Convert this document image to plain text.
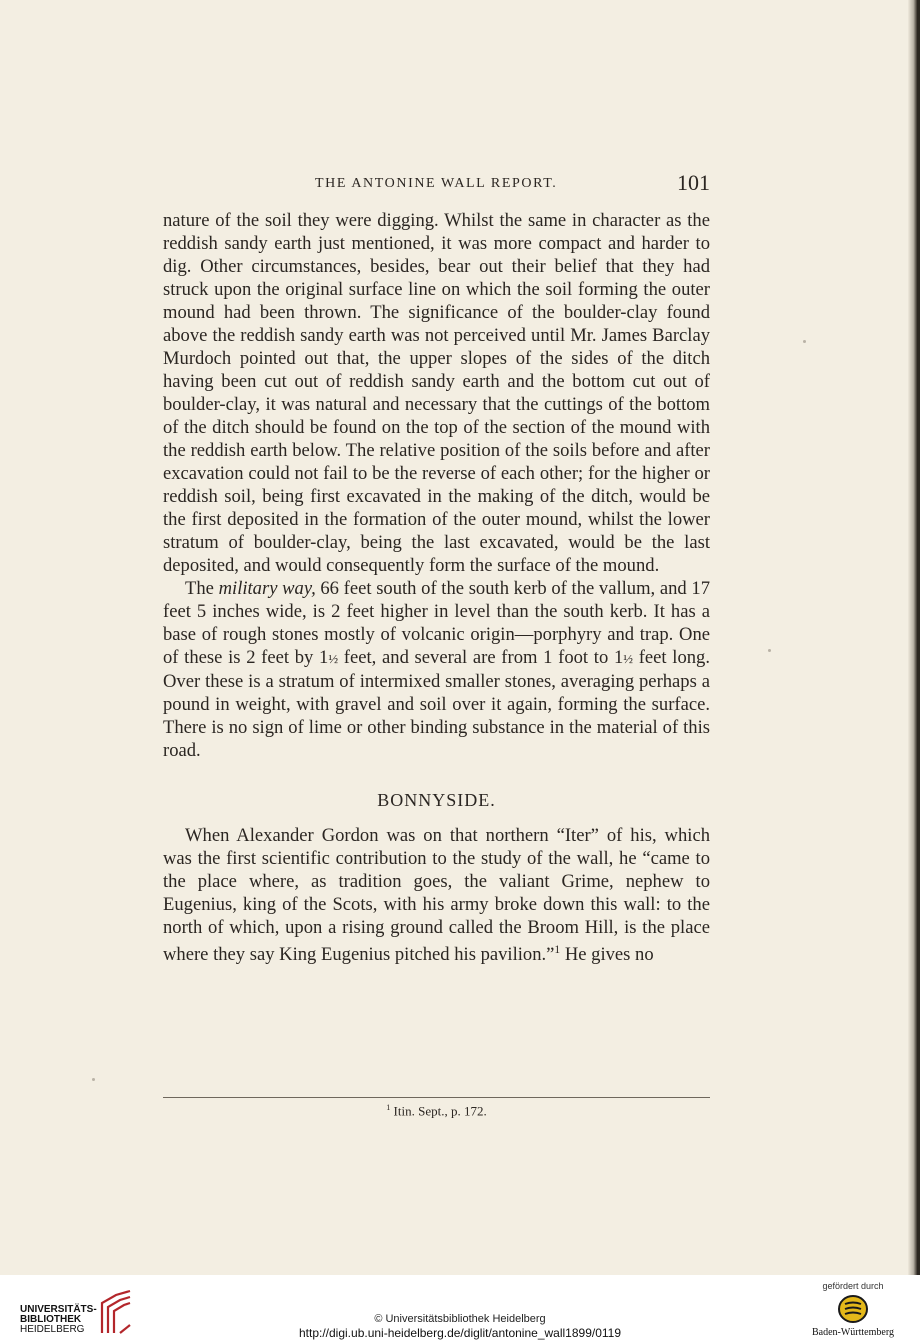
THE ANTONINE WALL REPORT.	101

nature of the soil they were digging. Whilst the same in character as the reddish sandy earth just mentioned, it was more compact and harder to dig. Other circumstances, besides, bear out their belief that they had struck upon the original surface line on which the soil forming the outer mound had been thrown. The significance of the boulder-clay found above the reddish sandy earth was not perceived until Mr. James Barclay Murdoch pointed out that, the upper slopes of the sides of the ditch having been cut out of reddish sandy earth and the bottom cut out of boulder-clay, it was natural and necessary that the cuttings of the bottom of the ditch should be found on the top of the section of the mound with the reddish earth below. The relative position of the soils before and after excavation could not fail to be the reverse of each other; for the higher or reddish soil, being first excavated in the making of the ditch, would be the first deposited in the formation of the outer mound, whilst the lower stratum of boulder-clay, being the last excavated, would be the last deposited, and would consequently form the surface of the mound.

The military way, 66 feet south of the south kerb of the vallum, and 17 feet 5 inches wide, is 2 feet higher in level than the south kerb. It has a base of rough stones mostly of volcanic origin—porphyry and trap. One of these is 2 feet by 1½ feet, and several are from 1 foot to 1½ feet long. Over these is a stratum of intermixed smaller stones, averaging perhaps a pound in weight, with gravel and soil over it again, forming the surface. There is no sign of lime or other binding substance in the material of this road.

BONNYSIDE.

When Alexander Gordon was on that northern “Iter” of his, which was the first scientific contribution to the study of the wall, he “came to the place where, as tradition goes, the valiant Grime, nephew to Eugenius, king of the Scots, with his army broke down this wall: to the north of which, upon a rising ground called the Broom Hill, is the place where they say King Eugenius pitched his pavilion.”$^1$ He gives no

$^1$ Itin. Sept., p. 172.
UNIVERSITÄTS-
BIBLIOTHEK
HEIDELBERG
© Universitätsbibliothek Heidelberg
http://digi.ub.uni-heidelberg.de/diglit/antonine_wall1899/0119
gefördert durch
Baden-Württemberg
